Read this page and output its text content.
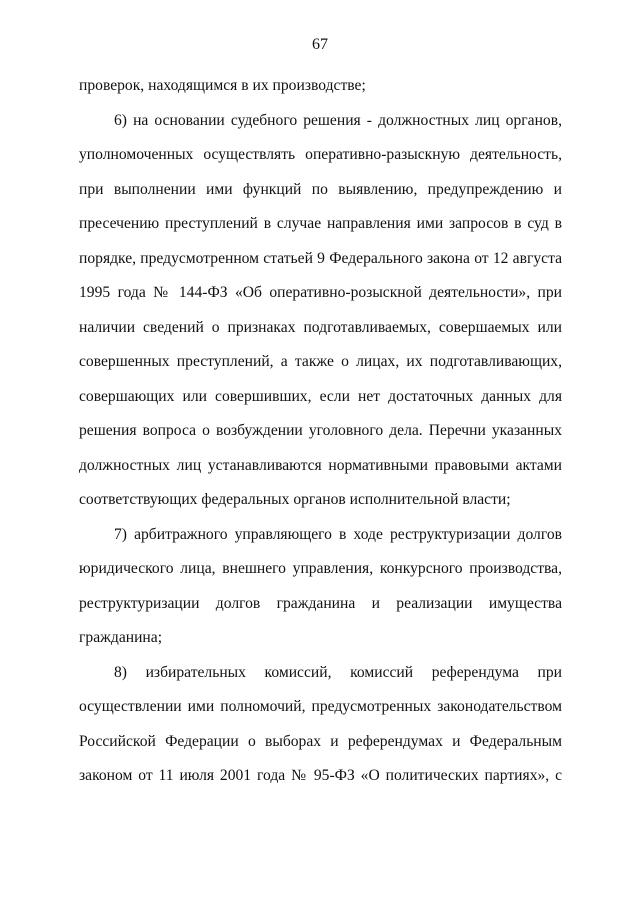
67

проверок, находящимся в их производстве;

6) на основании судебного решения - должностных лиц органов, уполномоченных осуществлять оперативно-разыскную деятельность, при выполнении ими функций по выявлению, предупреждению и пресечению преступлений в случае направления ими запросов в суд в порядке, предусмотренном статьей 9 Федерального закона от 12 августа 1995 года № 144-ФЗ «Об оперативно-розыскной деятельности», при наличии сведений о признаках подготавливаемых, совершаемых или совершенных преступлений, а также о лицах, их подготавливающих, совершающих или совершивших, если нет достаточных данных для решения вопроса о возбуждении уголовного дела. Перечни указанных должностных лиц устанавливаются нормативными правовыми актами соответствующих федеральных органов исполнительной власти;

7) арбитражного управляющего в ходе реструктуризации долгов юридического лица, внешнего управления, конкурсного производства, реструктуризации долгов гражданина и реализации имущества гражданина;

8) избирательных комиссий, комиссий референдума при осуществлении ими полномочий, предусмотренных законодательством Российской Федерации о выборах и референдумах и Федеральным законом от 11 июля 2001 года № 95-ФЗ «О политических партиях», с
